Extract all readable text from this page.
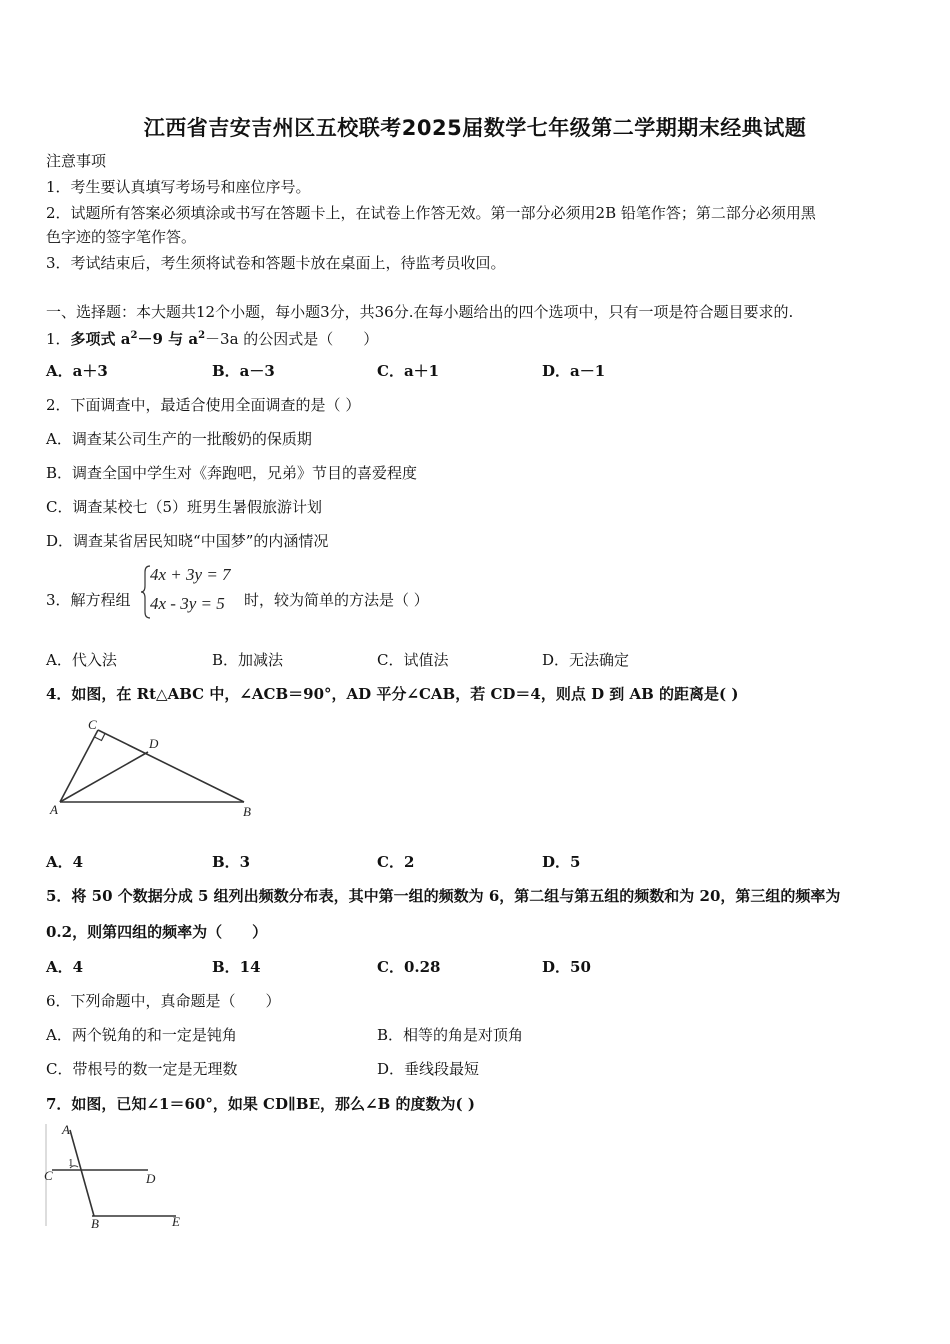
江西省吉安吉州区五校联考2025届数学七年级第二学期期末经典试题
注意事项
1．考生要认真填写考场号和座位序号。
2．试题所有答案必须填涂或书写在答题卡上，在试卷上作答无效。第一部分必须用2B 铅笔作答；第二部分必须用黑
色字迹的签字笔作答。
3．考试结束后，考生须将试卷和答题卡放在桌面上，待监考员收回。
一、选择题：本大题共12个小题，每小题3分，共36分.在每小题给出的四个选项中，只有一项是符合题目要求的.
1．多项式 $a^2-9$ 与 $a^2-3a$ 的公因式是（　　）
A．a＋3	B．a－3	C．a＋1	D．a－1
2．下面调查中，最适合使用全面调查的是（ ）
A．调查某公司生产的一批酸奶的保质期
B．调查全国中学生对《奔跑吧，兄弟》节目的喜爱程度
C．调查某校七（5）班男生暑假旅游计划
D．调查某省居民知晓“中国梦”的内涵情况
3．解方程组
4x + 3y = 7
4x - 3y = 5 时，较为简单的方法是（ ）
A．代入法	B．加减法	C．试值法	D．无法确定
4．如图，在 Rt△ABC 中，∠ACB＝90°，AD 平分∠CAB，若 CD＝4，则点 D 到 AB 的距离是( )
C
D
A	B
A．4	B．3	C．2	D．5
5．将 50 个数据分成 5 组列出频数分布表，其中第一组的频数为 6，第二组与第五组的频数和为 20，第三组的频率为
0.2，则第四组的频率为（　　）
A．4	B．14	C．0.28	D．50
6．下列命题中，真命题是（　　）
A．两个锐角的和一定是钝角	B．相等的角是对顶角
C．带根号的数一定是无理数	D．垂线段最短
7．如图，已知∠1＝60°，如果 CD∥BE，那么∠B 的度数为( )
A
1
C	D
B	E
